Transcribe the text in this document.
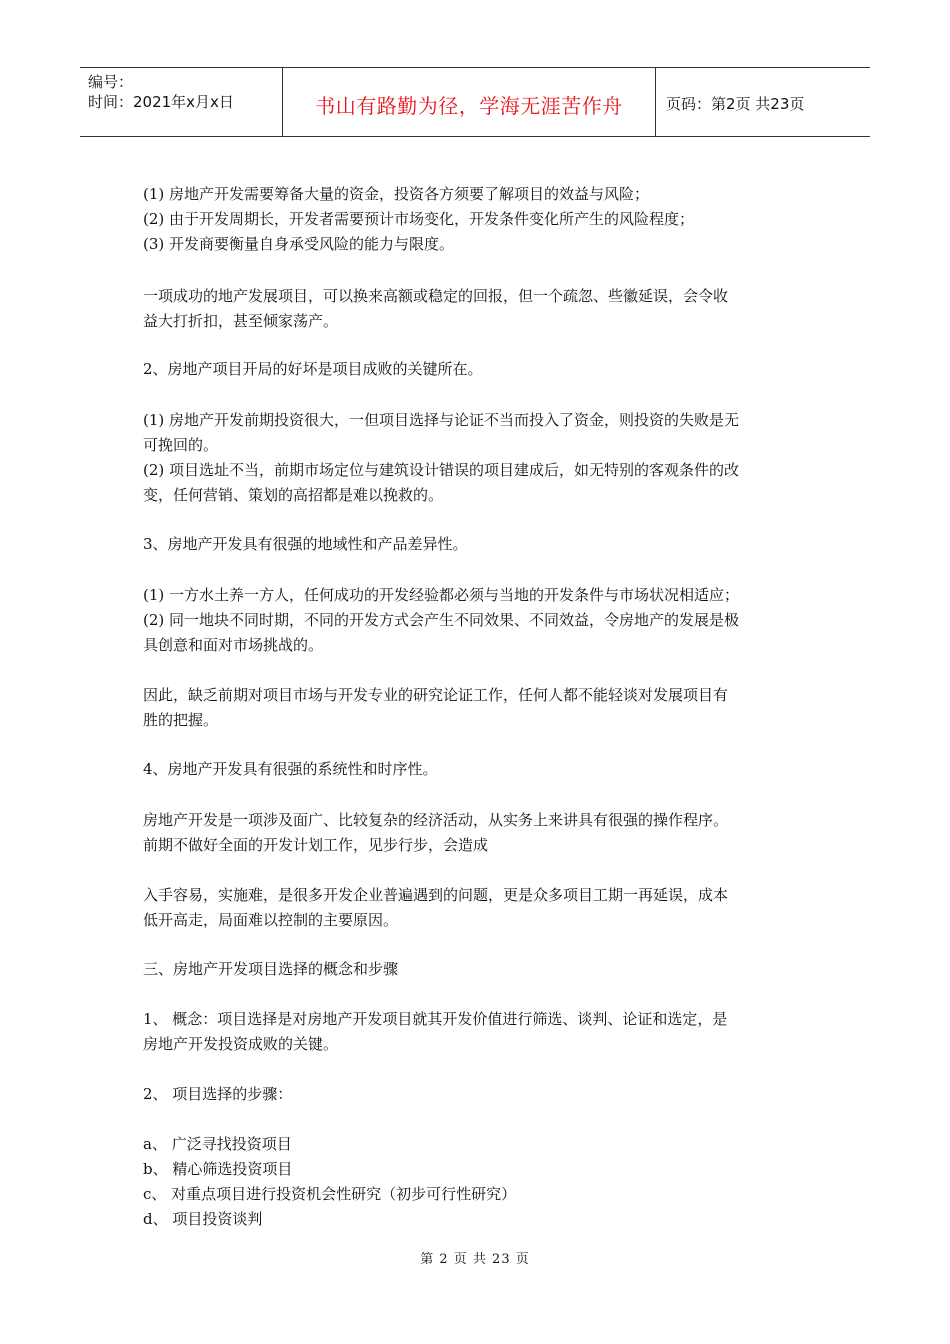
编号：
时间：2021年x月x日	书山有路勤为径，学海无涯苦作舟	页码：第2页 共23页

(1) 房地产开发需要筹备大量的资金，投资各方须要了解项目的效益与风险；

(2) 由于开发周期长，开发者需要预计市场变化，开发条件变化所产生的风险程度；

(3) 开发商要衡量自身承受风险的能力与限度。

一项成功的地产发展项目，可以换来高额或稳定的回报，但一个疏忽、些徽延误，会令收

益大打折扣，甚至倾家荡产。

2、房地产项目开局的好坏是项目成败的关键所在。

(1) 房地产开发前期投资很大，一但项目选择与论证不当而投入了资金，则投资的失败是无

可挽回的。

(2) 项目选址不当，前期市场定位与建筑设计错误的项目建成后，如无特别的客观条件的改

变，任何营销、策划的高招都是难以挽救的。

3、房地产开发具有很强的地域性和产品差异性。

(1) 一方水土养一方人，任何成功的开发经验都必须与当地的开发条件与市场状况相适应；

(2) 同一地块不同时期，不同的开发方式会产生不同效果、不同效益，令房地产的发展是极

具创意和面对市场挑战的。

因此，缺乏前期对项目市场与开发专业的研究论证工作，任何人都不能轻谈对发展项目有

胜的把握。

4、房地产开发具有很强的系统性和时序性。

房地产开发是一项涉及面广、比较复杂的经济活动，从实务上来讲具有很强的操作程序。

前期不做好全面的开发计划工作，见步行步，会造成

入手容易，实施难，是很多开发企业普遍遇到的问题，更是众多项目工期一再延误，成本

低开高走，局面难以控制的主要原因。

三、房地产开发项目选择的概念和步骤

1、 概念：项目选择是对房地产开发项目就其开发价值进行筛选、谈判、论证和选定，是

房地产开发投资成败的关键。

2、 项目选择的步骤：

a、 广泛寻找投资项目

b、 精心筛选投资项目

c、 对重点项目进行投资机会性研究（初步可行性研究）

d、 项目投资谈判

第 2 页 共 23 页
